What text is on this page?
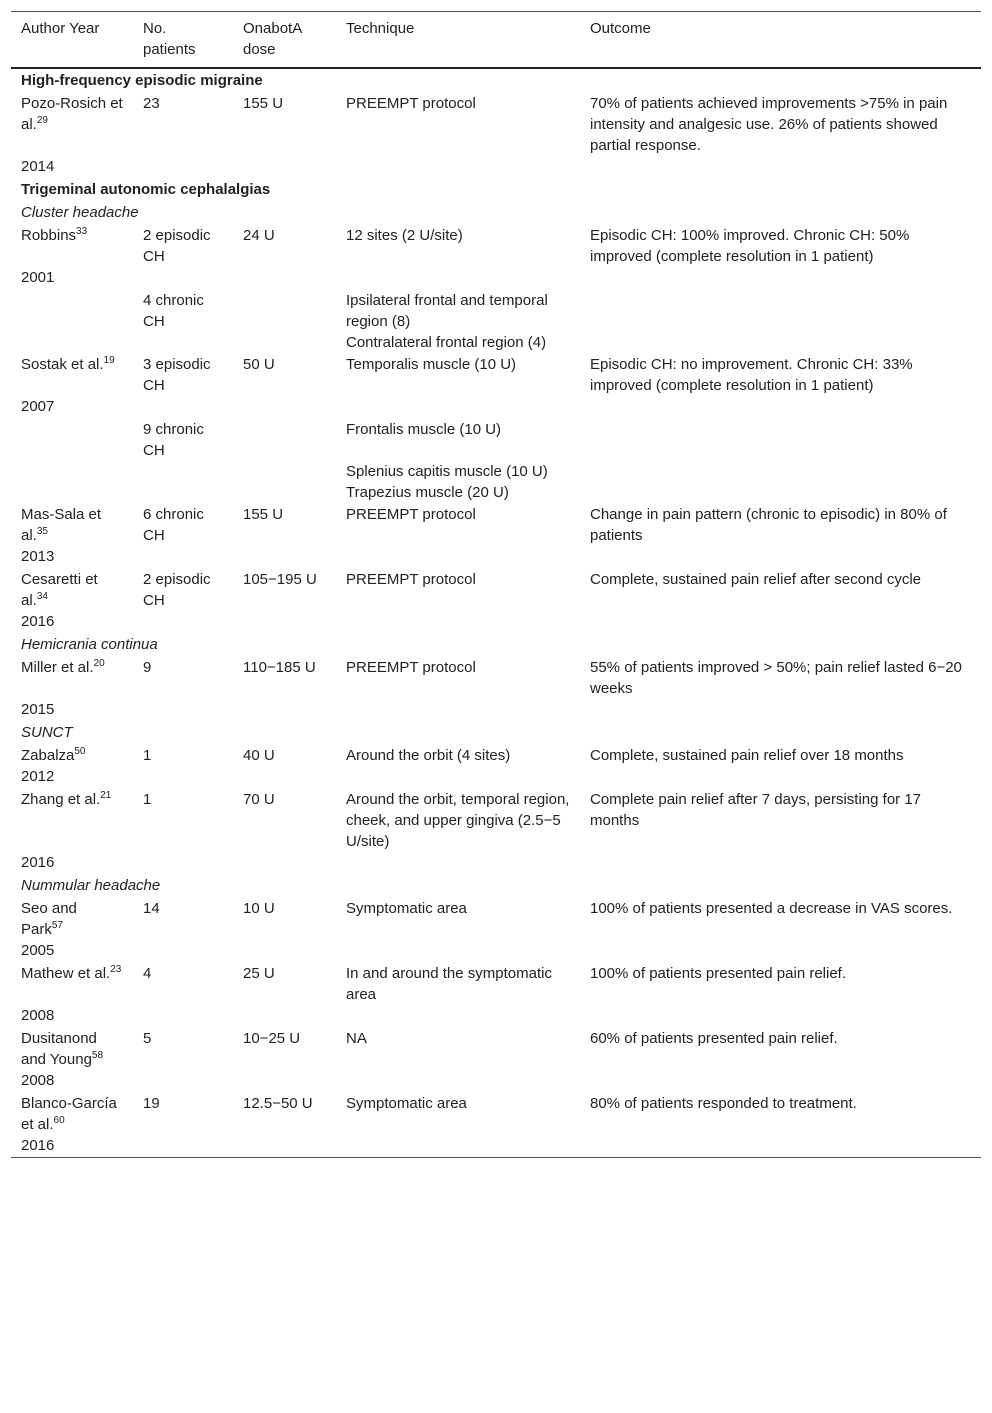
Author Year	No. patients	OnabotA dose	Technique	Outcome
High-frequency episodic migraine				
Pozo-Rosich et al.$^{29}$	23	155 U	PREEMPT protocol	70% of patients achieved improvements >75% in pain intensity and analgesic use. 26% of patients showed partial response.
2014				
Trigeminal autonomic cephalalgias				
Cluster headache				
Robbins$^{33}$	2 episodic CH	24 U	12 sites (2 U/site)	Episodic CH: 100% improved. Chronic CH: 50% improved (complete resolution in 1 patient)
2001				
	4 chronic CH		Ipsilateral frontal and temporal region (8)	
			Contralateral frontal region (4)	
Sostak et al.$^{19}$	3 episodic CH	50 U	Temporalis muscle (10 U)	Episodic CH: no improvement. Chronic CH: 33% improved (complete resolution in 1 patient)
2007				
	9 chronic CH		Frontalis muscle (10 U)	
			Splenius capitis muscle (10 U)	
			Trapezius muscle (20 U)	
Mas-Sala et al.$^{35}$	6 chronic CH	155 U	PREEMPT protocol	Change in pain pattern (chronic to episodic) in 80% of patients
2013				
Cesaretti et al.$^{34}$	2 episodic CH	105−195 U	PREEMPT protocol	Complete, sustained pain relief after second cycle
2016				
Hemicrania continua				
Miller et al.$^{20}$	9	110−185 U	PREEMPT protocol	55% of patients improved > 50%; pain relief lasted 6−20 weeks
2015				
SUNCT				
Zabalza$^{50}$	1	40 U	Around the orbit (4 sites)	Complete, sustained pain relief over 18 months
2012				
Zhang et al.$^{21}$	1	70 U	Around the orbit, temporal region, cheek, and upper gingiva (2.5−5 U/site)	Complete pain relief after 7 days, persisting for 17 months
2016				
Nummular headache				
Seo and Park$^{57}$	14	10 U	Symptomatic area	100% of patients presented a decrease in VAS scores.
2005				
Mathew et al.$^{23}$	4	25 U	In and around the symptomatic area	100% of patients presented pain relief.
2008				
Dusitanond and Young$^{58}$	5	10−25 U	NA	60% of patients presented pain relief.
2008				
Blanco-García et al.$^{60}$	19	12.5−50 U	Symptomatic area	80% of patients responded to treatment.
2016				
